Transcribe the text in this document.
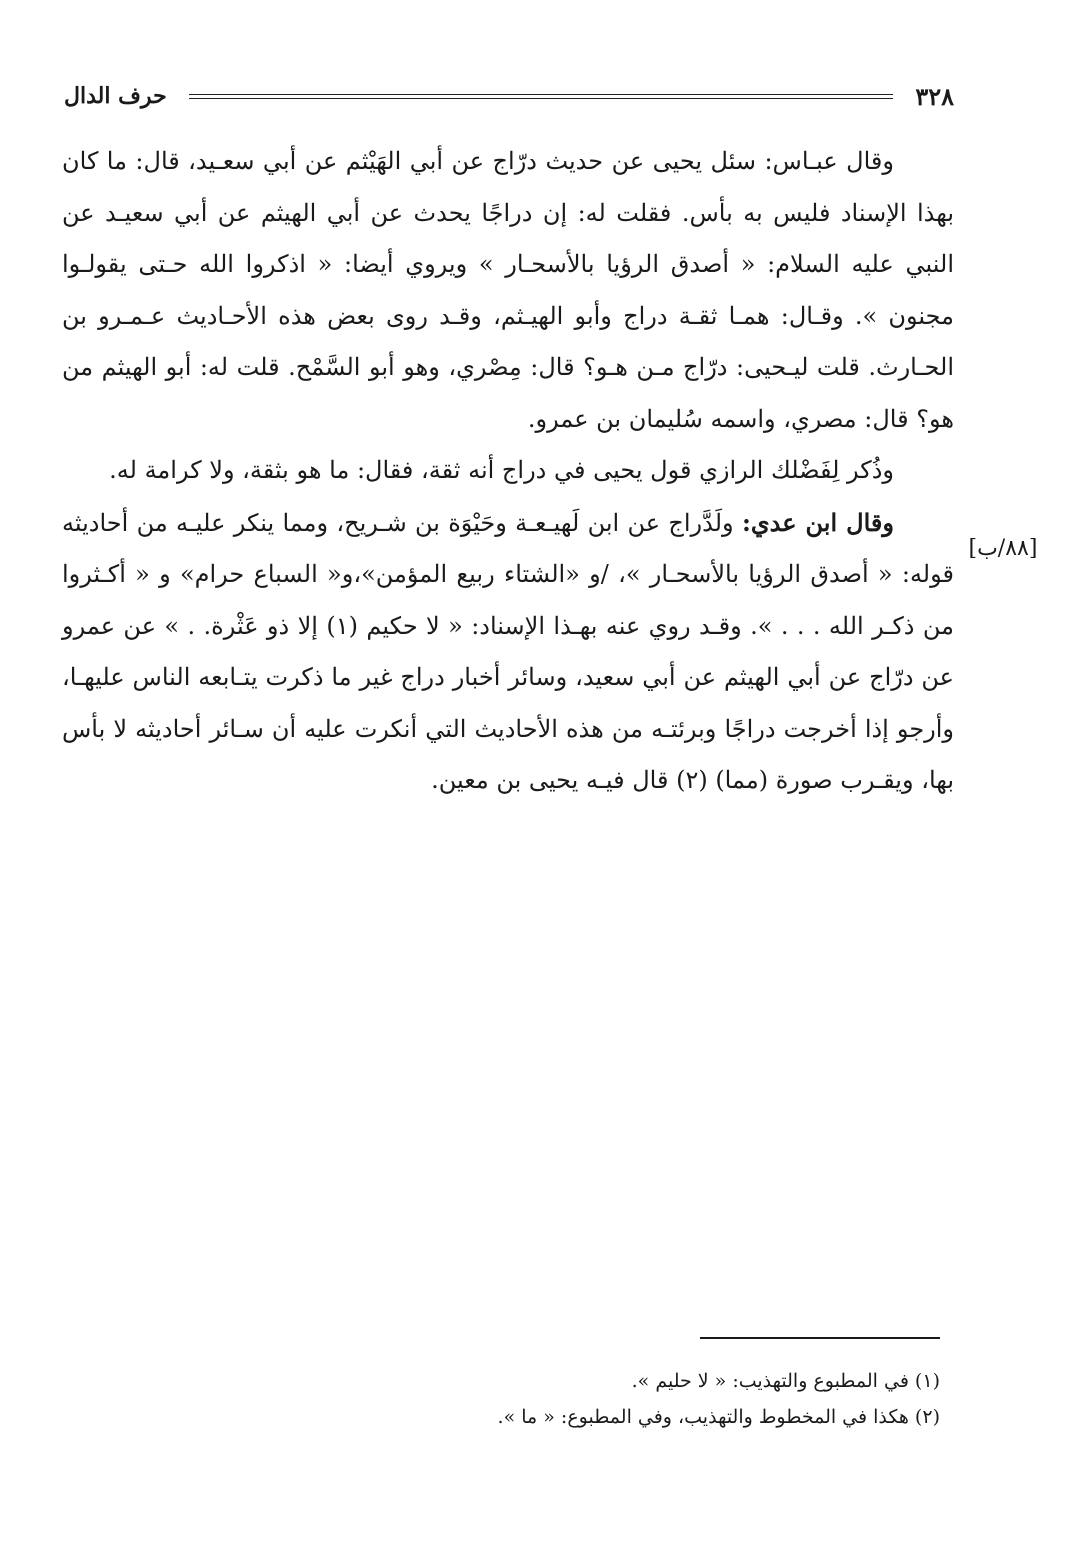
٣٢٨
حرف الدال

وقال عبـاس: سئل يحيى عن حديث درّاج عن أبي الهَيْثم عن أبي سعـيد، قال: ما كان بهذا الإسناد فليس به بأس. فقلت له: إن دراجًا يحدث عن أبي الهيثم عن أبي سعيـد عن النبي عليه السلام: « أصدق الرؤيا بالأسحـار » ويروي أيضا: « اذكروا الله حـتى يقولـوا مجنون ». وقـال: همـا ثقـة دراج وأبو الهيـثم، وقـد روى بعض هذه الأحـاديث عـمـرو بن الحـارث. قلت ليـحيى: درّاج مـن هـو؟ قال: مِصْري، وهو أبو السَّمْح. قلت له: أبو الهيثم من هو؟ قال: مصري، واسمه سُليمان بن عمرو.

وذُكر لِفَضْلك الرازي قول يحيى في دراج أنه ثقة، فقال: ما هو بثقة، ولا كرامة له.

وقال ابن عدي: ولَدَّراج عن ابن لَهيـعـة وحَيْوَة بن شـريح، ومما ينكر عليـه من أحاديثه قوله: « أصدق الرؤيا بالأسحـار »، /و «الشتاء ربيع المؤمن»،و« السباع حرام» و « أكـثروا من ذكـر الله . . . ». وقـد روي عنه بهـذا الإسناد: « لا حكيم (١) إلا ذو عَثْرة. . » عن عمرو عن درّاج عن أبي الهيثم عن أبي سعيد، وسائر أخبار دراج غير ما ذكرت يتـابعه الناس عليهـا، وأرجو إذا أخرجت دراجًا وبرئتـه من هذه الأحاديث التي أنكرت عليه أن سـائر أحاديثه لا بأس بها، ويقـرب صورة (مما) (٢) قال فيـه يحيى بن معين.

[٨٨/ب]
(١) في المطبوع والتهذيب: « لا حليم ».
(٢) هكذا في المخطوط والتهذيب، وفي المطبوع: « ما ».
